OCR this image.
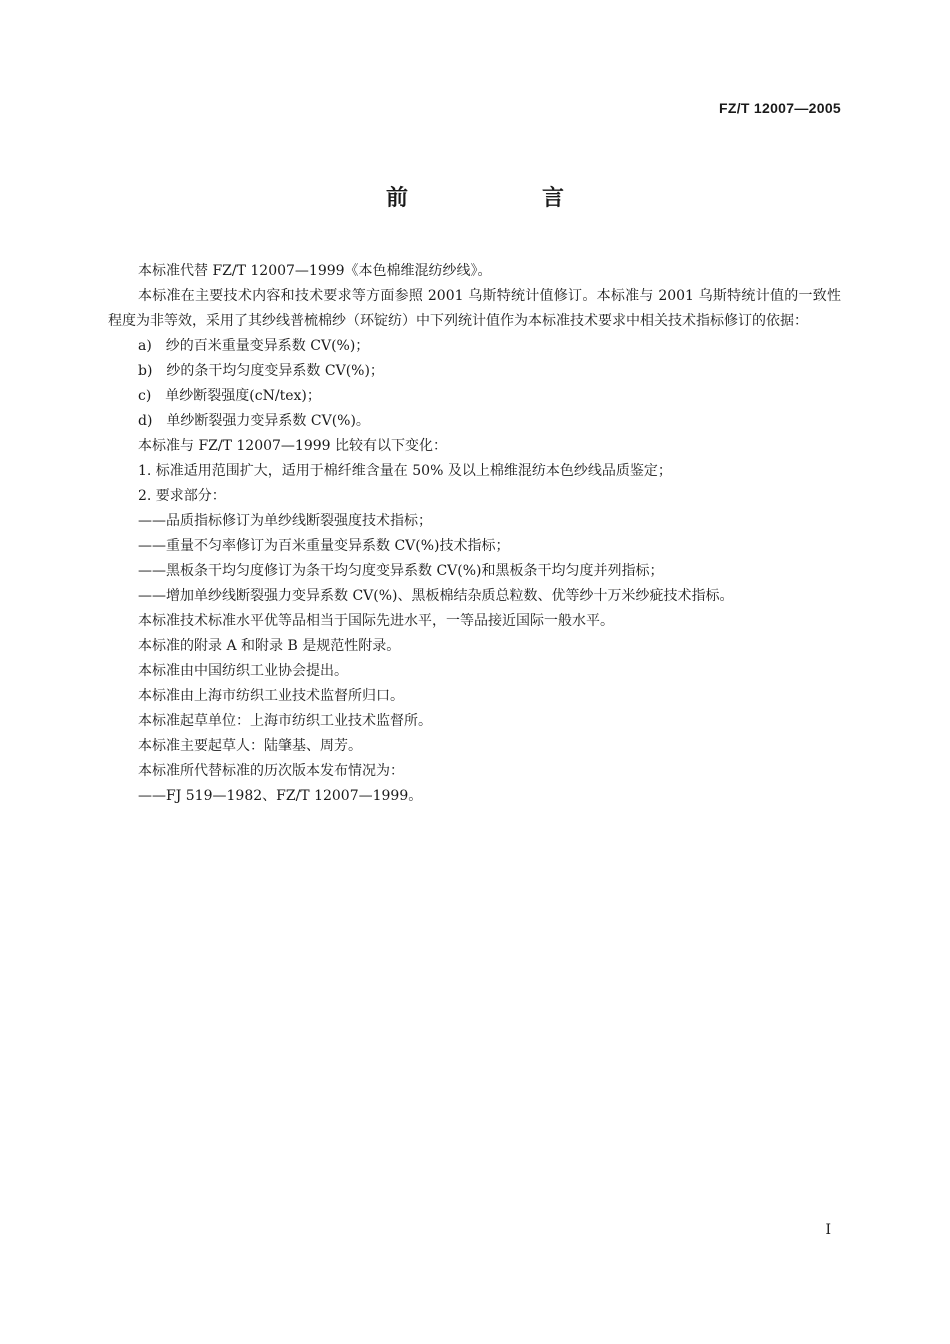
FZ/T 12007—2005
前　言

本标准代替 FZ/T 12007—1999《本色棉维混纺纱线》。

本标准在主要技术内容和技术要求等方面参照 2001 乌斯特统计值修订。本标准与 2001 乌斯特统计值的一致性程度为非等效，采用了其纱线普梳棉纱（环锭纺）中下列统计值作为本标准技术要求中相关技术指标修订的依据：

a)　纱的百米重量变异系数 CV(%)；

b)　纱的条干均匀度变异系数 CV(%)；

c)　单纱断裂强度(cN/tex)；

d)　单纱断裂强力变异系数 CV(%)。

本标准与 FZ/T 12007—1999 比较有以下变化：

1. 标准适用范围扩大，适用于棉纤维含量在 50% 及以上棉维混纺本色纱线品质鉴定；

2. 要求部分：

——品质指标修订为单纱线断裂强度技术指标；

——重量不匀率修订为百米重量变异系数 CV(%)技术指标；

——黑板条干均匀度修订为条干均匀度变异系数 CV(%)和黑板条干均匀度并列指标；

——增加单纱线断裂强力变异系数 CV(%)、黑板棉结杂质总粒数、优等纱十万米纱疵技术指标。

本标准技术标准水平优等品相当于国际先进水平，一等品接近国际一般水平。

本标准的附录 A 和附录 B 是规范性附录。

本标准由中国纺织工业协会提出。

本标准由上海市纺织工业技术监督所归口。

本标准起草单位：上海市纺织工业技术监督所。

本标准主要起草人：陆肇基、周芳。

本标准所代替标准的历次版本发布情况为：

——FJ 519—1982、FZ/T 12007—1999。

I
